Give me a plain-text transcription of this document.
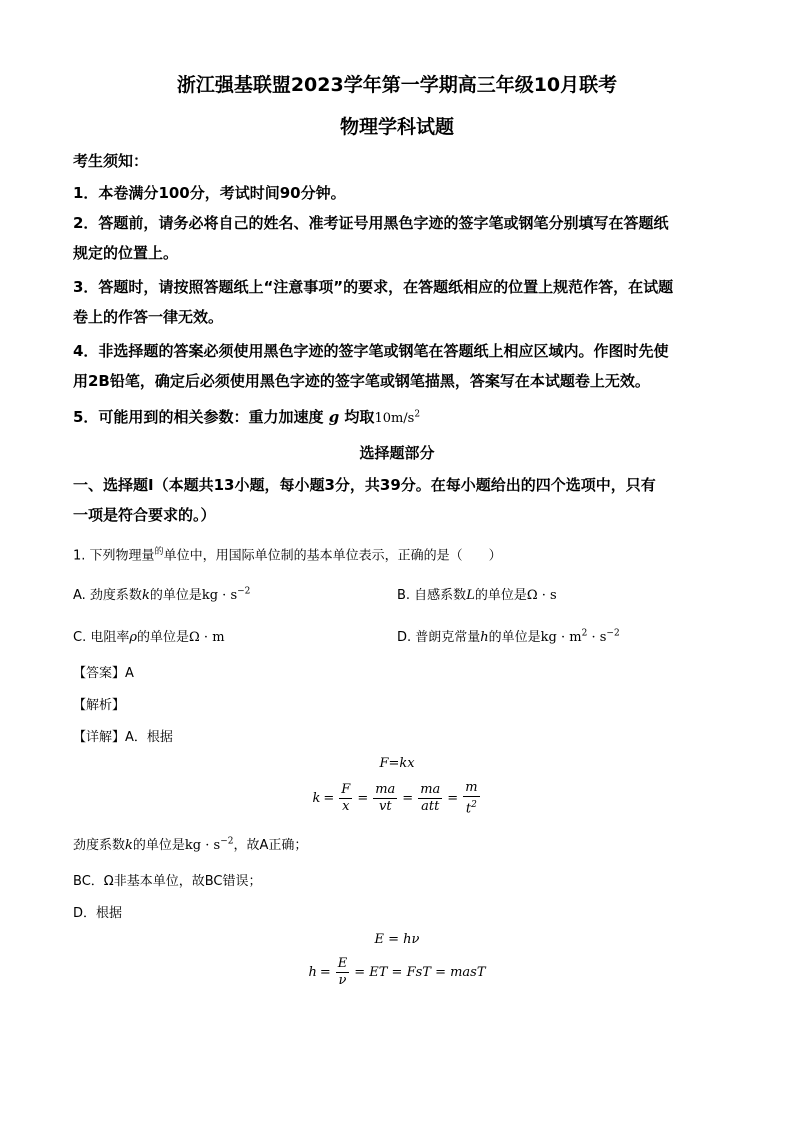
浙江强基联盟2023学年第一学期高三年级10月联考
物理学科试题
考生须知：
1．本卷满分100分，考试时间90分钟。
2．答题前，请务必将自己的姓名、准考证号用黑色字迹的签字笔或钢笔分别填写在答题纸
规定的位置上。
3．答题时，请按照答题纸上“注意事项”的要求，在答题纸相应的位置上规范作答，在试题
卷上的作答一律无效。
4．非选择题的答案必须使用黑色字迹的签字笔或钢笔在答题纸上相应区域内。作图时先使
用2B铅笔，确定后必须使用黑色字迹的签字笔或钢笔描黑，答案写在本试题卷上无效。
5．可能用到的相关参数：重力加速度 g 均取$10m/s^2$
选择题部分
一、选择题Ⅰ（本题共13小题，每小题3分，共39分。在每小题给出的四个选项中，只有
一项是符合要求的。）
1. 下列物理量$^的$单位中，用国际单位制的基本单位表示，正确的是（　　）
A. 劲度系数k的单位是kg · $s^{-2}$	B. 自感系数L的单位是Ω · s
C. 电阻率ρ的单位是Ω · m	D. 普朗克常量h的单位是kg · $m^2 \cdot s^{-2}$
【答案】A
【解析】
【详解】A．根据
F=kx
$k = \frac{F}{x} = \frac{ma}{vt} = \frac{ma}{\text{att}} = \frac{m}{t^2}$
劲度系数k的单位是kg · $s^{-2}$，故A正确；
BC．Ω非基本单位，故BC错误；
D．根据
E = hν
$h = \frac{E}{\nu}$ = ET = FsT = masT
